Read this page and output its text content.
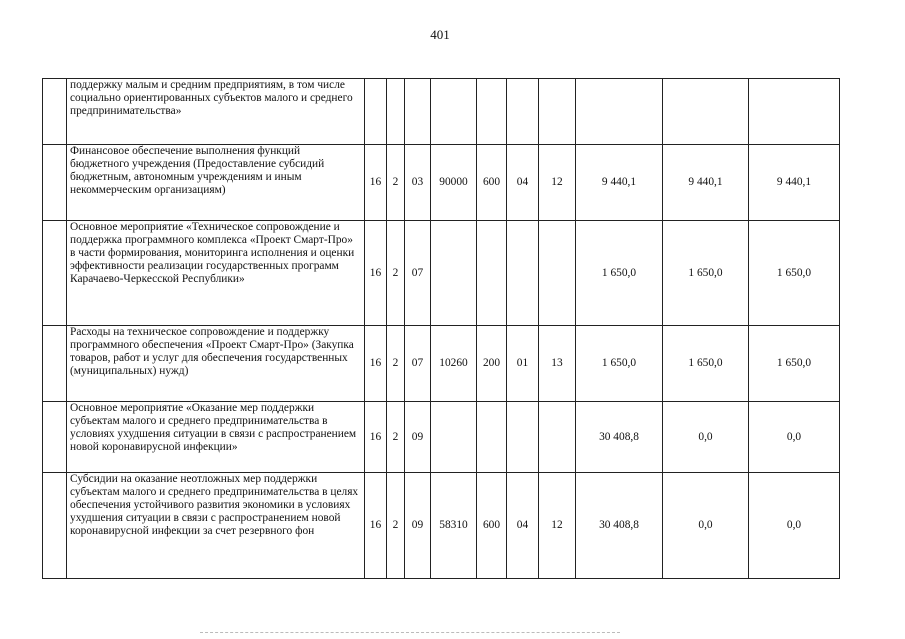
401
	поддержку малым и средним предприятиям, в том числе социально ориентированных субъектов малого и среднего предпринимательства»										
	Финансовое обеспечение выполнения функций бюджетного учреждения (Предоставление субсидий бюджетным, автономным учреждениям и иным некоммерческим организациям)	16	2	03	90000	600	04	12	9 440,1	9 440,1	9 440,1
	Основное мероприятие «Техническое сопровождение и поддержка программного комплекса «Проект Смарт-Про» в части формирования, мониторинга исполнения и оценки эффективности реализации государственных программ Карачаево-Черкесской Республики»	16	2	07					1 650,0	1 650,0	1 650,0
	Расходы на техническое сопровождение и поддержку программного обеспечения «Проект Смарт-Про» (Закупка товаров, работ и услуг для обеспечения государственных (муниципальных) нужд)	16	2	07	10260	200	01	13	1 650,0	1 650,0	1 650,0
	Основное мероприятие «Оказание мер поддержки субъектам малого и среднего предпринимательства в условиях ухудшения ситуации в связи с распространением новой коронавирусной инфекции»	16	2	09					30 408,8	0,0	0,0
	Субсидии на оказание неотложных мер поддержки субъектам малого и среднего предпринимательства в целях обеспечения устойчивого развития экономики в условиях ухудшения ситуации в связи с распространением новой коронавирусной инфекции за счет резервного фон	16	2	09	58310	600	04	12	30 408,8	0,0	0,0
